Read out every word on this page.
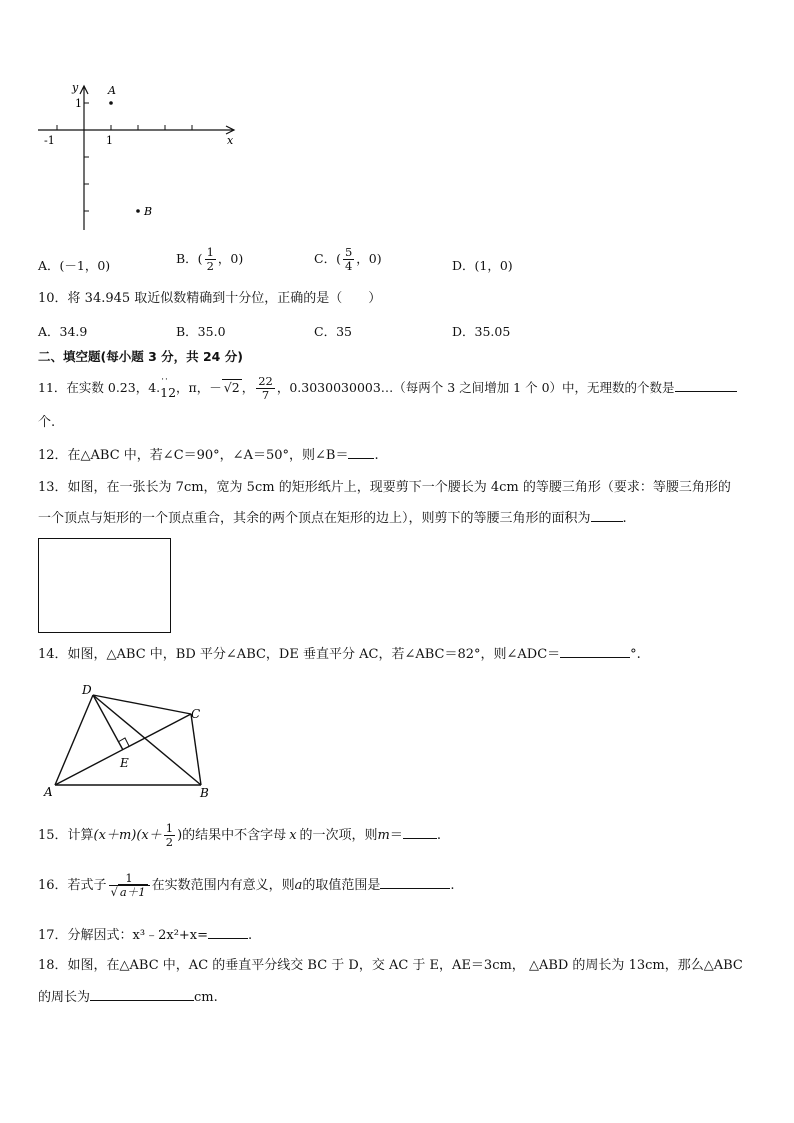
y
x
1
1
-1
A
B
A．(－1，0)	B．( $\frac{1}{2}$ ，0)	C．( $\frac{5}{4}$ ，0)	D．(1，0)
10．将 34.945 取近似数精确到十分位，正确的是（　　）
A．34.9	B．35.0	C．35	D．35.05
二、填空题(每小题 3 分，共 24 分)
11．在实数 0.23，4.12
·· ，π，－ √2 ， $\frac{22}{7}$ ，0.3030030003…（每两个 3 之间增加 1 个 0）中，无理数的个数是
个.
12．在△ABC 中，若∠C＝90°，∠A＝50°，则∠B＝ .
13．如图，在一张长为 7cm，宽为 5cm 的矩形纸片上，现要剪下一个腰长为 4cm 的等腰三角形（要求：等腰三角形的
一个顶点与矩形的一个顶点重合，其余的两个顶点在矩形的边上），则剪下的等腰三角形的面积为 .
14．如图，△ABC 中，BD 平分∠ABC，DE 垂直平分 AC，若∠ABC＝82°，则∠ADC＝	°.
D
C
E
A	B
15．计算$(x+m)(x+ \frac{1}{2}$ )的结果中不含字母 x 的一次项，则m＝	.
16．若式子 $\frac{1}{√ a+1}$ 在实数范围内有意义，则a的取值范围是	.
17．分解因式：x³﹣2x²+x=	.
18．如图，在△ABC 中，AC 的垂直平分线交 BC 于 D，交 AC 于 E，AE＝3cm， △ABD 的周长为 13cm，那么△ABC
的周长为	cm.
